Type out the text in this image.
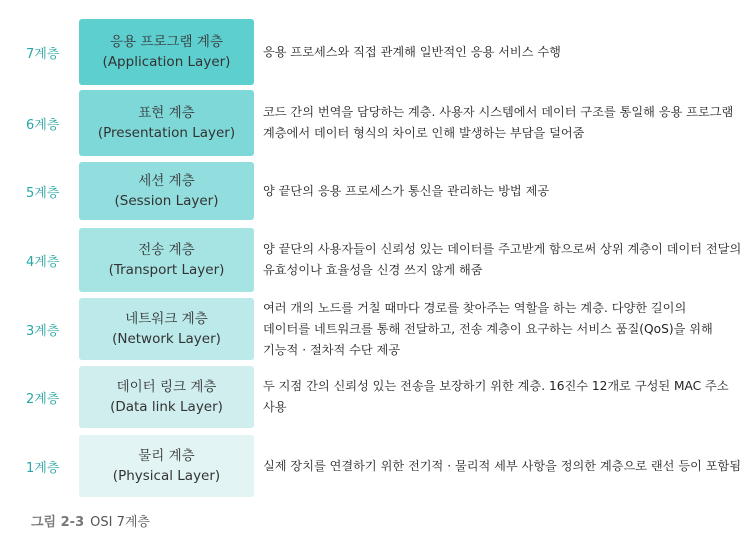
7계층
응용 프로그램 계층
(Application Layer)
응용 프로세스와 직접 관계해 일반적인 응용 서비스 수행
6계층
표현 계층
(Presentation Layer)
코드 간의 번역을 담당하는 계층. 사용자 시스템에서 데이터 구조를 통일해 응용 프로그램
계층에서 데이터 형식의 차이로 인해 발생하는 부담을 덜어줌
5계층
세션 계층
(Session Layer)
양 끝단의 응용 프로세스가 통신을 관리하는 방법 제공
4계층
전송 계층
(Transport Layer)
양 끝단의 사용자들이 신뢰성 있는 데이터를 주고받게 함으로써 상위 계층이 데이터 전달의
유효성이나 효율성을 신경 쓰지 않게 해줌
3계층
네트워크 계층
(Network Layer)
여러 개의 노드를 거칠 때마다 경로를 찾아주는 역할을 하는 계층. 다양한 길이의
데이터를 네트워크를 통해 전달하고, 전송 계층이 요구하는 서비스 품질(QoS)을 위해
기능적 · 절차적 수단 제공
2계층
데이터 링크 계층
(Data link Layer)
두 지점 간의 신뢰성 있는 전송을 보장하기 위한 계층. 16진수 12개로 구성된 MAC 주소
사용
1계층
물리 계층
(Physical Layer)
실제 장치를 연결하기 위한 전기적 · 물리적 세부 사항을 정의한 계층으로 랜선 등이 포함됨
그림 2-3 OSI 7계층
